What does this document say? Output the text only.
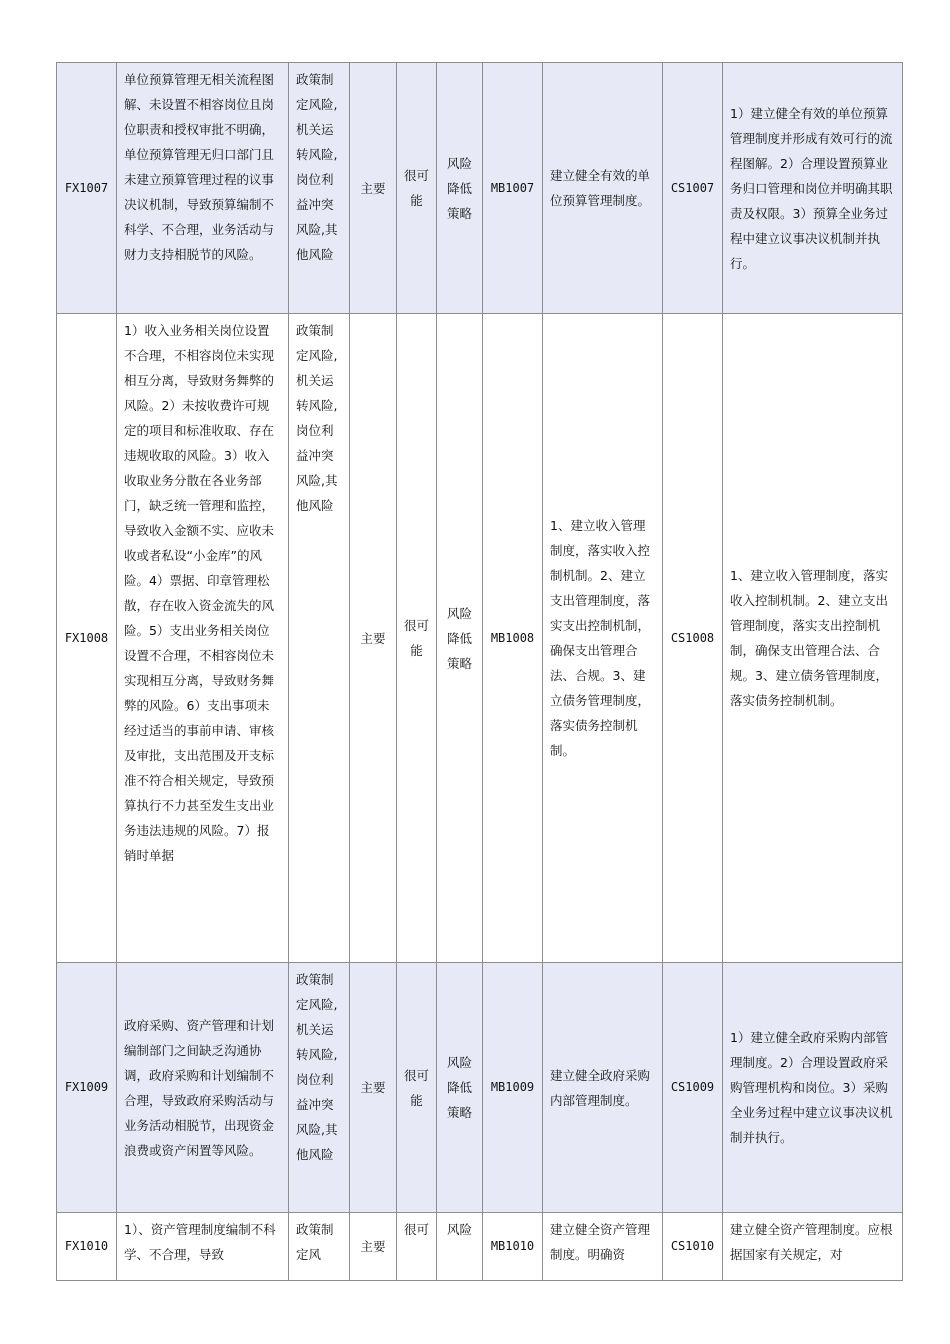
FX1007	单位预算管理无相关流程图解、未设置不相容岗位且岗位职责和授权审批不明确，单位预算管理无归口部门且未建立预算管理过程的议事决议机制，导致预算编制不科学、不合理，业务活动与财力支持相脱节的风险。	政策制定风险,机关运转风险,岗位利益冲突风险,其他风险	主要	很可能	风险降低策略	MB1007	建立健全有效的单位预算管理制度。	CS1007	1）建立健全有效的单位预算管理制度并形成有效可行的流程图解。2）合理设置预算业务归口管理和岗位并明确其职责及权限。3）预算全业务过程中建立议事决议机制并执行。
FX1008	1）收入业务相关岗位设置不合理，不相容岗位未实现相互分离，导致财务舞弊的风险。2）未按收费许可规定的项目和标准收取、存在违规收取的风险。3）收入收取业务分散在各业务部门，缺乏统一管理和监控，导致收入金额不实、应收未收或者私设“小金库”的风险。4）票据、印章管理松散，存在收入资金流失的风险。5）支出业务相关岗位设置不合理，不相容岗位未实现相互分离，导致财务舞弊的风险。6）支出事项未经过适当的事前申请、审核及审批，支出范围及开支标准不符合相关规定，导致预算执行不力甚至发生支出业务违法违规的风险。7）报销时单据	政策制定风险,机关运转风险,岗位利益冲突风险,其他风险	主要	很可能	风险降低策略	MB1008	1、建立收入管理制度，落实收入控制机制。2、建立支出管理制度，落实支出控制机制，确保支出管理合法、合规。3、建立债务管理制度，落实债务控制机制。	CS1008	1、建立收入管理制度，落实收入控制机制。2、建立支出管理制度，落实支出控制机制，确保支出管理合法、合规。3、建立债务管理制度，落实债务控制机制。
FX1009	政府采购、资产管理和计划编制部门之间缺乏沟通协调，政府采购和计划编制不合理，导致政府采购活动与业务活动相脱节，出现资金浪费或资产闲置等风险。	政策制定风险,机关运转风险,岗位利益冲突风险,其他风险	主要	很可能	风险降低策略	MB1009	建立健全政府采购内部管理制度。	CS1009	1）建立健全政府采购内部管理制度。2）合理设置政府采购管理机构和岗位。3）采购全业务过程中建立议事决议机制并执行。
FX1010	1）、资产管理制度编制不科学、不合理，导致	政策制定风	主要	很可	风险	MB1010	建立健全资产管理制度。明确资	CS1010	建立健全资产管理制度。应根据国家有关规定，对
